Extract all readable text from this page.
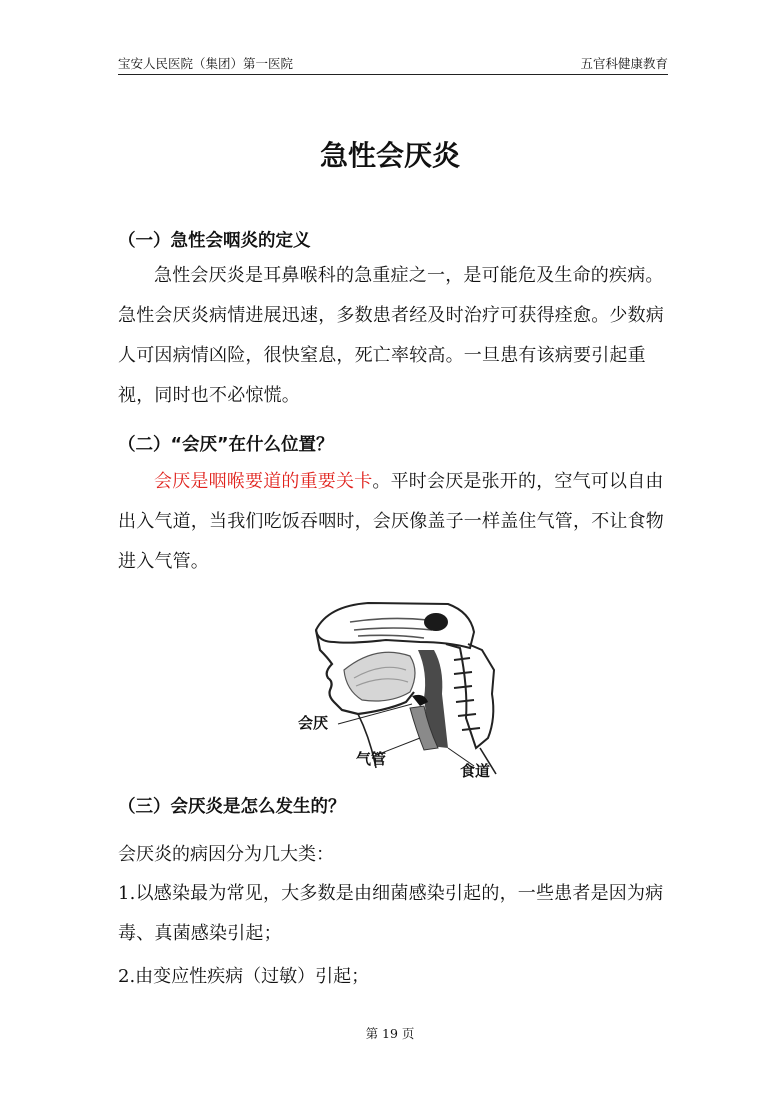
宝安人民医院（集团）第一医院	五官科健康教育
急性会厌炎
（一）急性会咽炎的定义
急性会厌炎是耳鼻喉科的急重症之一，是可能危及生命的疾病。急性会厌炎病情进展迅速，多数患者经及时治疗可获得痊愈。少数病人可因病情凶险，很快窒息，死亡率较高。一旦患有该病要引起重视，同时也不必惊慌。
（二）“会厌”在什么位置？
会厌是咽喉要道的重要关卡。平时会厌是张开的，空气可以自由出入气道，当我们吃饭吞咽时，会厌像盖子一样盖住气管，不让食物进入气管。
会厌
气管
食道
（三）会厌炎是怎么发生的？
会厌炎的病因分为几大类：
1.以感染最为常见，大多数是由细菌感染引起的，一些患者是因为病毒、真菌感染引起；
2.由变应性疾病（过敏）引起；
第 19 页
